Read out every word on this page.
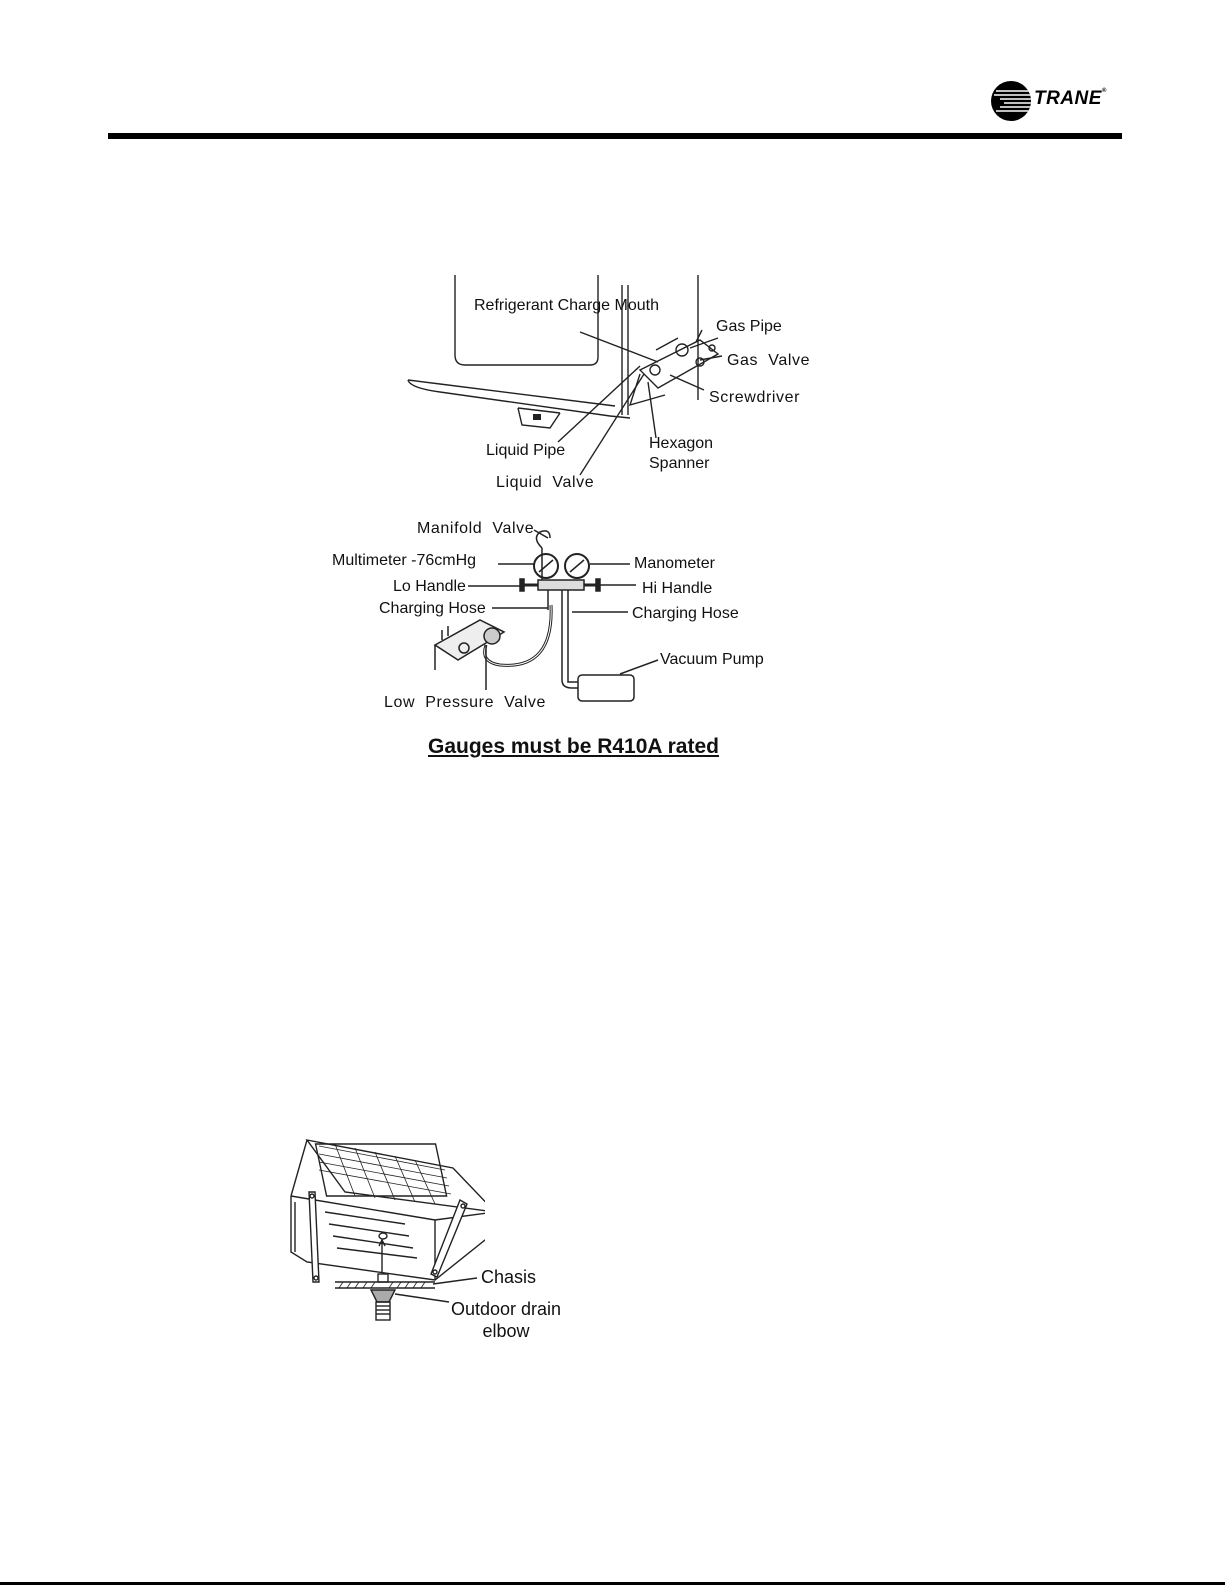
TRANE®
Refrigerant Charge Mouth
Gas Pipe
Gas  Valve
Screwdriver
Hexagon
Spanner
Liquid Pipe
Liquid  Valve
Manifold  Valve
Multimeter -76cmHg	Manometer
Lo Handle	Hi Handle
Charging Hose	Charging Hose
Vacuum Pump
Low  Pressure  Valve
Gauges must be R410A rated
Chasis
Outdoor drain
elbow
